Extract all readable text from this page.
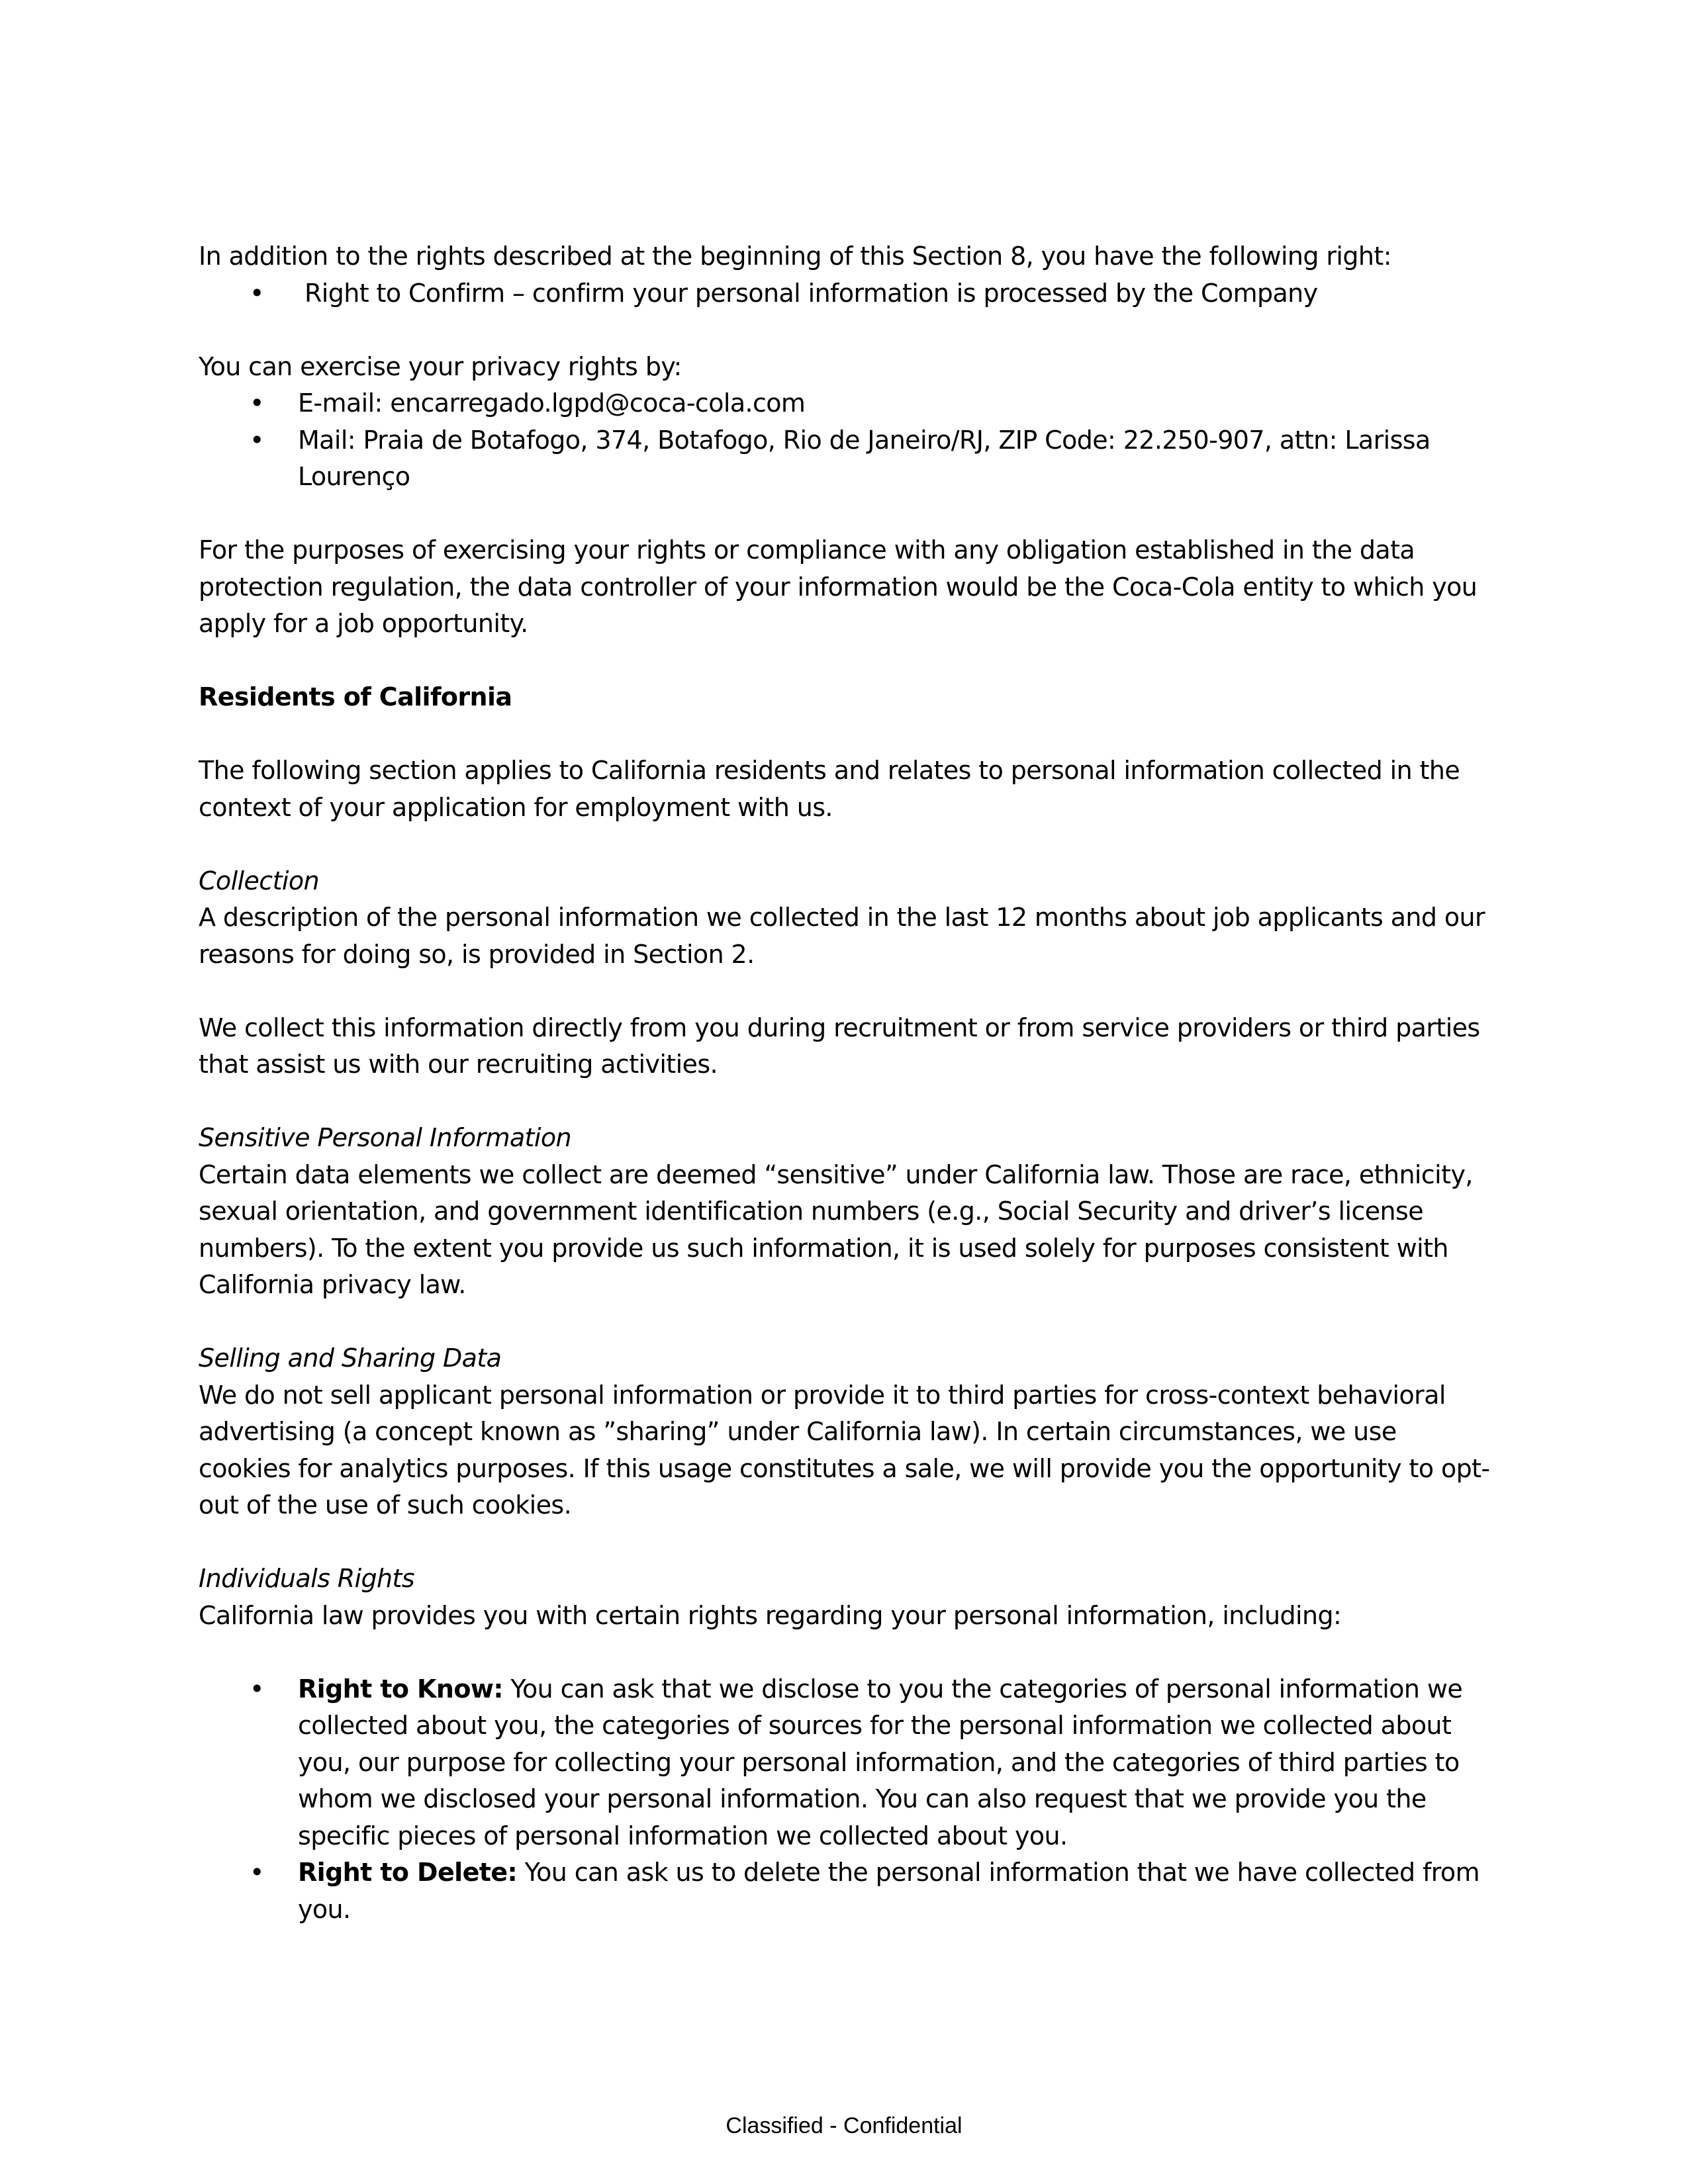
In addition to the rights described at the beginning of this Section 8, you have the following right:

• Right to Confirm – confirm your personal information is processed by the Company

You can exercise your privacy rights by:

• E-mail: encarregado.lgpd@coca-cola.com
• Mail: Praia de Botafogo, 374, Botafogo, Rio de Janeiro/RJ, ZIP Code: 22.250-907, attn: Larissa Lourenço

For the purposes of exercising your rights or compliance with any obligation established in the data protection regulation, the data controller of your information would be the Coca-Cola entity to which you apply for a job opportunity.

Residents of California

The following section applies to California residents and relates to personal information collected in the context of your application for employment with us.

Collection

A description of the personal information we collected in the last 12 months about job applicants and our reasons for doing so, is provided in Section 2.

We collect this information directly from you during recruitment or from service providers or third parties that assist us with our recruiting activities.

Sensitive Personal Information

Certain data elements we collect are deemed “sensitive” under California law. Those are race, ethnicity, sexual orientation, and government identification numbers (e.g., Social Security and driver’s license numbers). To the extent you provide us such information, it is used solely for purposes consistent with California privacy law.

Selling and Sharing Data

We do not sell applicant personal information or provide it to third parties for cross-context behavioral advertising (a concept known as ”sharing” under California law). In certain circumstances, we use cookies for analytics purposes. If this usage constitutes a sale, we will provide you the opportunity to opt-out of the use of such cookies.

Individuals Rights

California law provides you with certain rights regarding your personal information, including:

• Right to Know: You can ask that we disclose to you the categories of personal information we collected about you, the categories of sources for the personal information we collected about you, our purpose for collecting your personal information, and the categories of third parties to whom we disclosed your personal information. You can also request that we provide you the specific pieces of personal information we collected about you.
• Right to Delete: You can ask us to delete the personal information that we have collected from you.
Classified - Confidential
